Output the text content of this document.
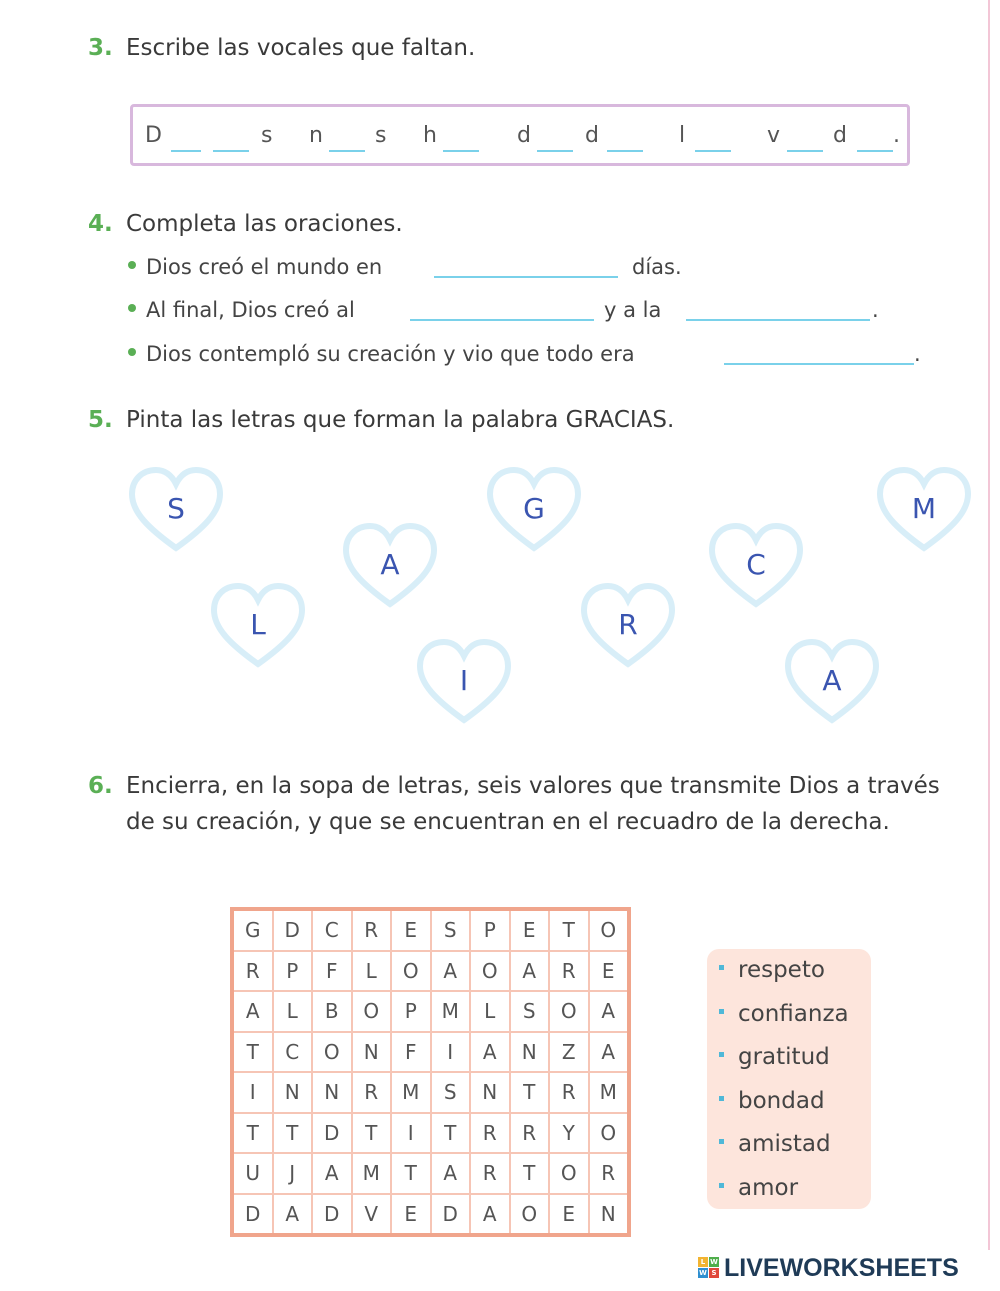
3. Escribe las vocales que faltan.
D	s n s h	d d	l	v d .
4. Completa las oraciones.
Dios creó el mundo en	días.
Al final, Dios creó al	y a la	.
Dios contempló su creación y vio que todo era	.
5. Pinta las letras que forman la palabra GRACIAS.
S
A
G
C
M
L
I
R
A
6. Encierra, en la sopa de letras, seis valores que transmite Dios a través de su creación, y que se encuentran en el recuadro de la derecha.
G	D	C	R	E	S	P	E	T	O
R	P	F	L	O	A	O	A	R	E
A	L	B	O	P	M	L	S	O	A
T	C	O	N	F	I	A	N	Z	A
I	N	N	R	M	S	N	T	R	M
T	T	D	T	I	T	R	R	Y	O
U	J	A	M	T	A	R	T	O	R
D	A	D	V	E	D	A	O	E	N
respeto
confianza
gratitud
bondad
amistad
amor
L W
W S LIVEWORKSHEETS
